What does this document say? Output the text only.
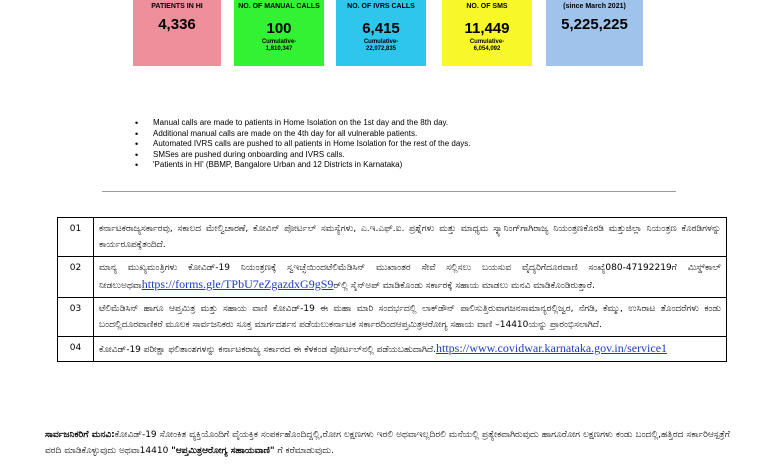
PATIENTS IN HI
4,336
NO. OF MANUAL CALLS
100
Cumulative-
1,810,347
NO. OF IVRS CALLS
6,415
Cumulative-
22,072,835
NO. OF SMS
11,449
Cumulative-
6,054,092
(since March 2021)
5,225,225
• Manual calls are made to patients in Home Isolation on the 1st day and the 8th day.
• Additional manual calls are made on the 4th day for all vulnerable patients.
• Automated IVRS calls are pushed to all patients in Home Isolation for the rest of the days.
• SMSes are pushed during onboarding and IVRS calls.
• 'Patients in HI' (BBMP, Bangalore Urban and 12 Districts in Karnataka)
01	ಕರ್ನಾಟಕರಾಜ್ಯಸರ್ಕಾರವು, ಸಕಾಲದ ಮೇಲ್ವಿಚಾರಣೆ, ಕೋವಿನ್ ಪೋರ್ಟಲ್ ಸಮಸ್ಯೆಗಳು, ಎ.ಇ.ಎಫ್.ಐ. ಪ್ರಶ್ನೆಗಳು ಮತ್ತು ಮಾಧ್ಯಮ ಸ್ಕ್ಯಾನಿಂಗ್‌ಗಾಗಿರಾಜ್ಯ ನಿಯಂತ್ರಣಕೊಠಡಿ ಮತ್ತುಜಿಲ್ಲಾ ನಿಯಂತ್ರಣ ಕೊಠಡಿಗಳನ್ನು ಕಾರ್ಯರೂಪಕ್ಕೆತಂದಿದೆ.
02	ಮಾನ್ಯ ಮುಖ್ಯಮಂತ್ರಿಗಳು ಕೋವಿಡ್-19 ನಿಯಂತ್ರಣಕ್ಕೆ ಸ್ವಇಚ್ಛೆಯಿಂದಟೆಲಿಮೆಡಿಸಿನ್ ಮುಖಾಂತರ ಸೇವೆ ಸಲ್ಲಿಸಲು ಬಯಸುವ ವೈದ್ಯರಿಗೆದೂರವಾಣಿ ಸಂಖ್ಯೆ080-47192219ಗೆ ಮಿಸ್ಡ್‌ಕಾಲ್ ನೀಡಲುಅಥವಾhttps://forms.gle/TPbU7eZgazdxG9gS9ರ್‌ಲ್ಲಿ ಸೈನ್‌ಅಪ್ ಮಾಡಿಕೊಂಡು ಸರ್ಕಾರಕ್ಕೆ ಸಹಾಯ ಮಾಡಲು ಮನವಿ ಮಾಡಿಕೊಂಡಿರುತ್ತಾರೆ.
03	ಟೆಲಿಮೆಡಿಸಿನ್ ಹಾಗೂ ಆಪ್ತಮಿತ್ರ ಮತ್ತು ಸಹಾಯ ವಾಣಿ ಕೋವಿಡ್-19 ಈ ಮಹಾ ಮಾರಿ ಸಂದರ್ಭದಲ್ಲಿ ಲಾಕ್‌ಡೌನ್ ಪಾಲಿಸುತ್ತಿರುವಾಗಜನಸಾಮಾನ್ಯರಲ್ಲಿಜ್ವರ, ನೆಗಡಿ, ಕೆಮ್ಮು, ಉಸಿರಾಟ ತೊಂದರೆಗಳು ಕಂಡು ಬಂದಲ್ಲಿದೂರವಾಣಿಕರೆ ಮೂಲಕ ಸಾರ್ವಜನಿಕರು ಸೂಕ್ತ ಮಾರ್ಗದರ್ಶನ ಪಡೆಯಲುಕರ್ನಾಟಕ ಸರ್ಕಾರದಿಂದಆಪ್ತಮಿತ್ರಆರೋಗ್ಯ ಸಹಾಯ ವಾಣಿ –14410ಯನ್ನು ಪ್ರಾರಂಭಿಸಲಾಗಿದೆ.
04	ಕೋವಿಡ್-19 ಪರೀಕ್ಷಾ ಫಲಿತಾಂಶಗಳನ್ನು ಕರ್ನಾಟಕರಾಜ್ಯ ಸರ್ಕಾರದ ಈ ಕೆಳಕಂಡ ಪೋರ್ಟಲ್‌ನಲ್ಲಿ ಪಡೆಯಬಹುದಾಗಿದೆ.https://www.covidwar.karnataka.gov.in/service1
ಸಾರ್ವಜನಿಕರಿಗೆ ಮನವಿ:ಕೋವಿಡ್-19 ಸೋಂಕಿತ ವ್ಯಕ್ತಿಯೊಂದಿಗೆ ವೈಯಕ್ತಿಕ ಸಂಪರ್ಕಹೊಂದಿದ್ದಲ್ಲಿ,ರೋಗ ಲಕ್ಷಣಗಳು ಇರಲಿ ಅಥವಾಇಲ್ಲದಿರಲಿ ಮನೆಯಲ್ಲಿ ಪ್ರತ್ಯೇಕವಾಗಿರುವುದು ಹಾಗೂರೋಗ ಲಕ್ಷಣಗಳು ಕಂಡು ಬಂದಲ್ಲಿ,ಹತ್ತಿರದ ಸರ್ಕಾರಿಆಸ್ಪತ್ರೆಗೆ ವರದಿ ಮಾಡಿಕೊಳ್ಳುವುದು ಅಥವಾ14410 "ಆಪ್ತಮಿತ್ರಆರೋಗ್ಯ ಸಹಾಯವಾಣಿ" ಗೆ ಕರೆಮಾಡುವುದು.
